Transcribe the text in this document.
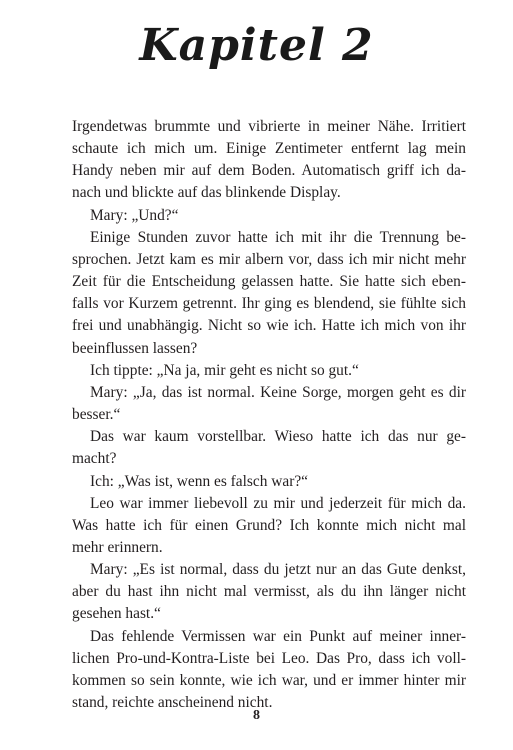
Kapitel 2
Irgendetwas brummte und vibrierte in meiner Nähe. Irritiert
schaute ich mich um. Einige Zentimeter entfernt lag mein
Handy neben mir auf dem Boden. Automatisch griff ich da-
nach und blickte auf das blinkende Display.
Mary: „Und?“
Einige Stunden zuvor hatte ich mit ihr die Trennung be-
sprochen. Jetzt kam es mir albern vor, dass ich mir nicht mehr
Zeit für die Entscheidung gelassen hatte. Sie hatte sich eben-
falls vor Kurzem getrennt. Ihr ging es blendend, sie fühlte sich
frei und unabhängig. Nicht so wie ich. Hatte ich mich von ihr
beeinflussen lassen?
Ich tippte: „Na ja, mir geht es nicht so gut.“
Mary: „Ja, das ist normal. Keine Sorge, morgen geht es dir
besser.“
Das war kaum vorstellbar. Wieso hatte ich das nur ge-
macht?
Ich: „Was ist, wenn es falsch war?“
Leo war immer liebevoll zu mir und jederzeit für mich da.
Was hatte ich für einen Grund? Ich konnte mich nicht mal
mehr erinnern.
Mary: „Es ist normal, dass du jetzt nur an das Gute denkst,
aber du hast ihn nicht mal vermisst, als du ihn länger nicht
gesehen hast.“
Das fehlende Vermissen war ein Punkt auf meiner inner-
lichen Pro-und-Kontra-Liste bei Leo. Das Pro, dass ich voll-
kommen so sein konnte, wie ich war, und er immer hinter mir
stand, reichte anscheinend nicht.
8
